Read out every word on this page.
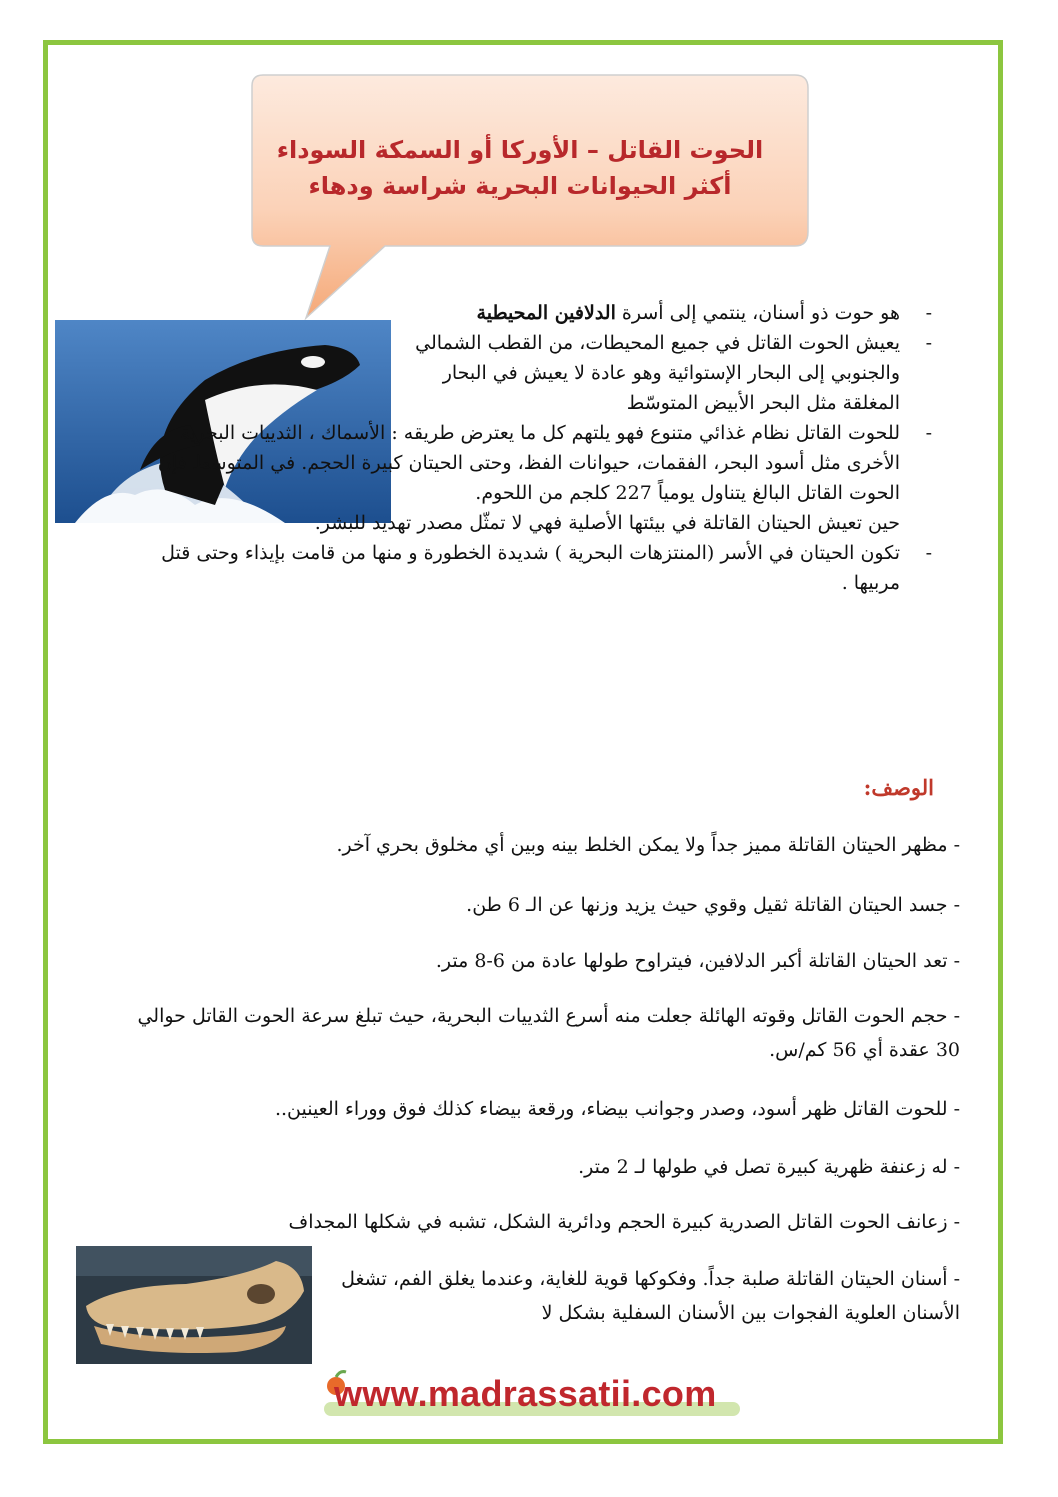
الحوت القاتل – الأوركا أو السمكة السوداء
أكثر الحيوانات البحرية شراسة ودهاء
-
هو حوت ذو أسنان، ينتمي إلى أسرة الدلافين المحيطية
-
يعيش الحوت القاتل في جميع المحيطات، من القطب الشمالي والجنوبي إلى البحار الإستوائية وهو عادة لا يعيش في البحار المغلقة مثل البحر الأبيض المتوسّط
-
للحوت القاتل نظام غذائي متنوع فهو يلتهم كل ما يعترض طريقه : الأسماك ، الثدييات البحرية الأخرى مثل أسود البحر، الفقمات، حيوانات الفظ، وحتى الحيتان كبيرة الحجم. في المتوسط فإن الحوت القاتل البالغ يتناول يومياً 227 كلجم من اللحوم.
حين تعيش الحيتان القاتلة في بيئتها الأصلية فهي لا تمثّل مصدر تهديد للبشر.
-
تكون الحيتان في الأسر (المنتزهات البحرية ) شديدة الخطورة و منها من قامت بإيذاء وحتى قتل مربيها .
الوصف:
- مظهر الحيتان القاتلة مميز جداً ولا يمكن الخلط بينه وبين أي مخلوق بحري آخر.
- جسد الحيتان القاتلة ثقيل وقوي حيث يزيد وزنها عن الـ 6 طن.
- تعد الحيتان القاتلة أكبر الدلافين، فيتراوح طولها عادة من 6-8 متر.
- حجم الحوت القاتل وقوته الهائلة جعلت منه أسرع الثدييات البحرية، حيث تبلغ سرعة الحوت القاتل حوالي 30 عقدة أي 56 كم/س.
- للحوت القاتل ظهر أسود، وصدر وجوانب بيضاء، ورقعة بيضاء كذلك فوق ووراء العينين..
- له زعنفة ظهرية كبيرة تصل في طولها لـ 2 متر.
- زعانف الحوت القاتل الصدرية كبيرة الحجم ودائرية الشكل، تشبه في شكلها المجداف
- أسنان الحيتان القاتلة صلبة جداً. وفكوكها قوية للغاية، وعندما يغلق الفم، تشغل الأسنان العلوية الفجوات بين الأسنان السفلية بشكل لا
www.madrassatii.com
